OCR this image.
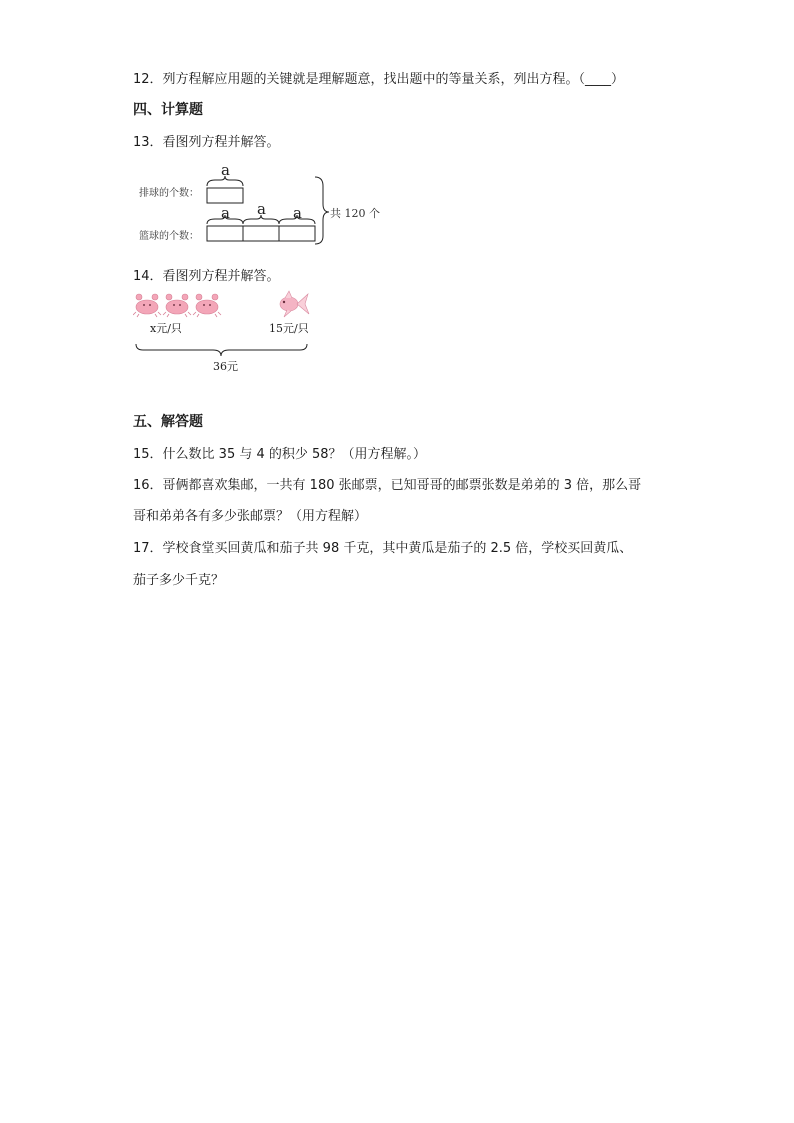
12．列方程解应用题的关键就是理解题意，找出题中的等量关系，列出方程。（____）
四、计算题
13．看图列方程并解答。
排球的个数：
a
篮球的个数：
a a a	共 120 个
14．看图列方程并解答。
x元/只	15元/只
36元
五、解答题
15．什么数比 35 与 4 的积少 58？（用方程解。）
16．哥俩都喜欢集邮，一共有 180 张邮票，已知哥哥的邮票张数是弟弟的 3 倍，那么哥
哥和弟弟各有多少张邮票？（用方程解）
17．学校食堂买回黄瓜和茄子共 98 千克，其中黄瓜是茄子的 2.5 倍，学校买回黄瓜、
茄子多少千克？
